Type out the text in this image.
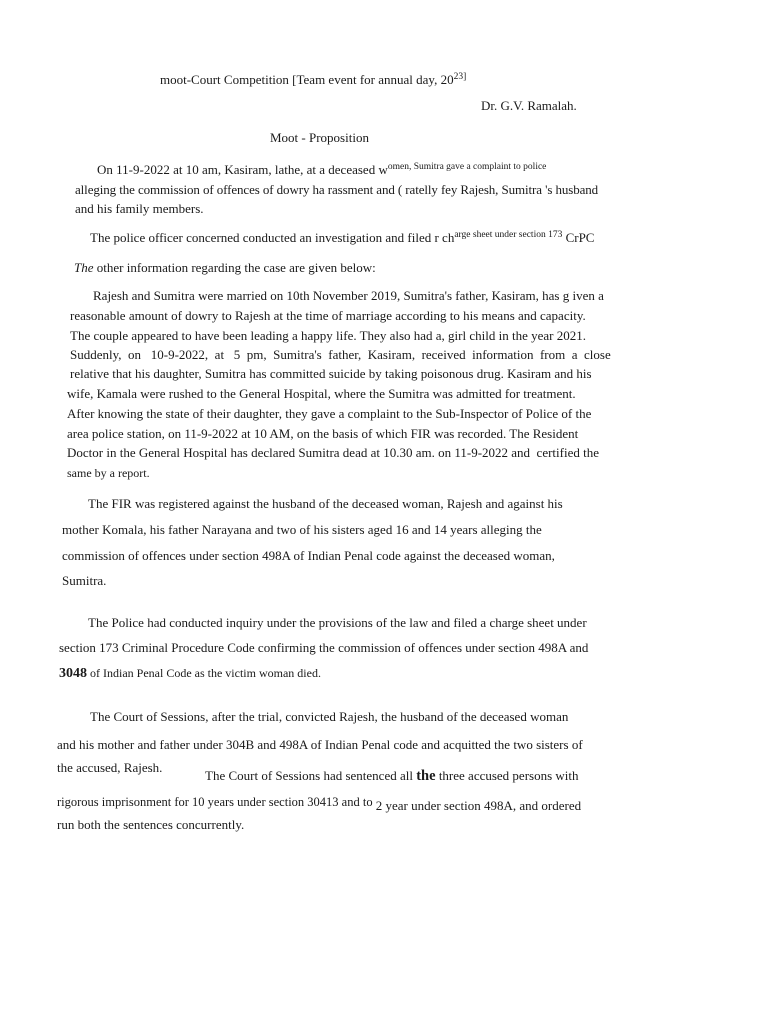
moot-Court Competition [Team event for annual day, $20^{23]}$
Dr. G.V. Ramalah.
Moot - Proposition
On 11-9-2022 at 10 am, Kasiram, lathe, at a deceased $w^{omen, Sumitra gave a complaint to police}$
alleging the commission of offences of dowry ha rassment and ( ratelly fey Rajesh, Sumitra 's husband
and his family members.
The police officer concerned conducted an investigation and filed r $ch^{arge sheet under section 173}$ CrPC
The other information regarding the case are given below:
Rajesh and Sumitra were married on 10th November 2019, Sumitra's father, Kasiram, has g iven a
reasonable amount of dowry to Rajesh at the time of marriage according to his means and capacity.
The couple appeared to have been leading a happy life. They also had a, girl child in the year 2021.
Suddenly,  on   10-9-2022,  at   5  pm,  Sumitra's  father,  Kasiram,  received  information  from  a  close
relative that his daughter, Sumitra has committed suicide by taking poisonous drug. Kasiram and his
wife, Kamala were rushed to the General Hospital, where the Sumitra was admitted for treatment.
After knowing the state of their daughter, they gave a complaint to the Sub-Inspector of Police of the
area police station, on 11-9-2022 at 10 AM, on the basis of which FIR was recorded. The Resident
Doctor in the General Hospital has declared Sumitra dead at 10.30 am. on 11-9-2022 and  certified the
same by a report.
The FIR was registered against the husband of the deceased woman, Rajesh and against his
mother Komala, his father Narayana and two of his sisters aged 16 and 14 years alleging the
commission of offences under section 498A of Indian Penal code against the deceased woman,
Sumitra.
The Police had conducted inquiry under the provisions of the law and filed a charge sheet under
section 173 Criminal Procedure Code confirming the commission of offences under section 498A and
3048 of Indian Penal Code as the victim woman died.
The Court of Sessions, after the trial, convicted Rajesh, the husband of the deceased woman
and his mother and father under 304B and 498A of Indian Penal code and acquitted the two sisters of
the accused, Rajesh.
The Court of Sessions had sentenced all the three accused persons with
rigorous imprisonment for 10 years under section 30413 and to 2 year under section 498A, and ordered
run both the sentences concurrently.
